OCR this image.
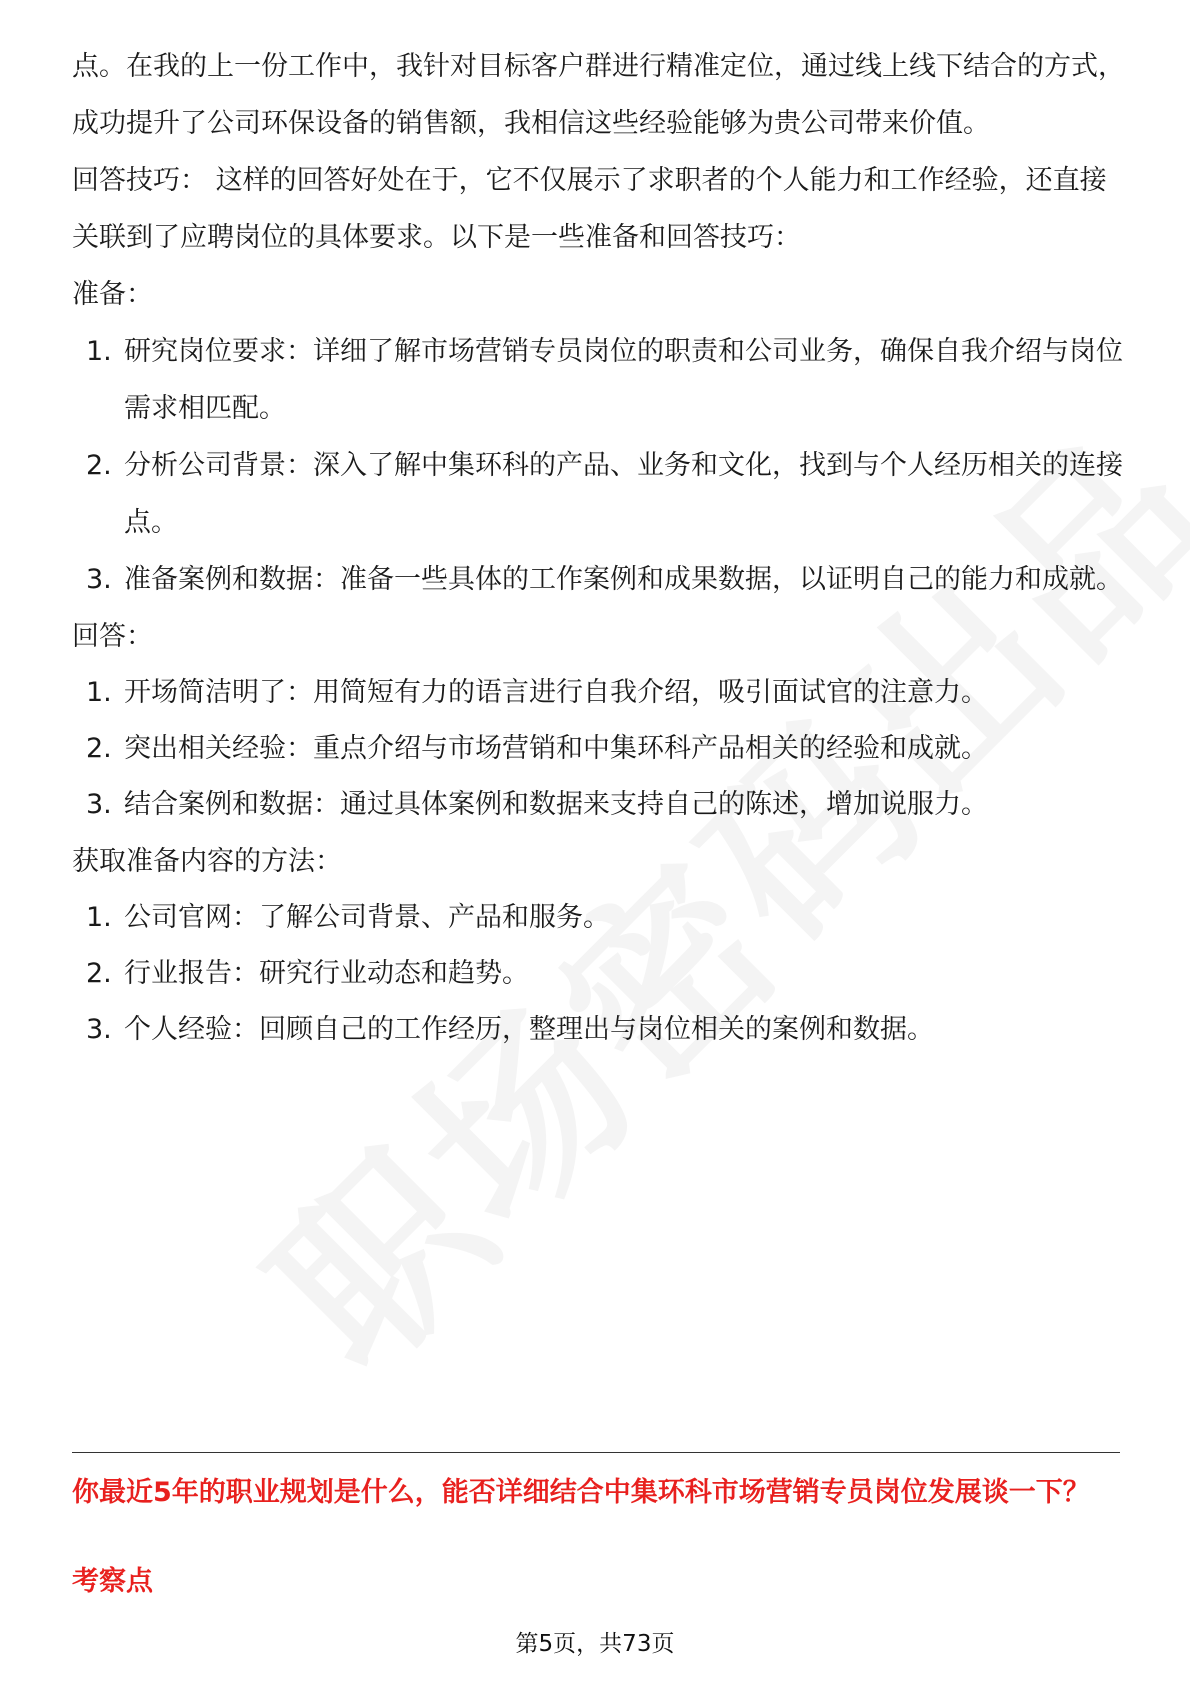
点。在我的上一份工作中，我针对目标客户群进行精准定位，通过线上线下结合的方式，成功提升了公司环保设备的销售额，我相信这些经验能够为贵公司带来价值。

回答技巧： 这样的回答好处在于，它不仅展示了求职者的个人能力和工作经验，还直接关联到了应聘岗位的具体要求。以下是一些准备和回答技巧：

准备：

1. 研究岗位要求：详细了解市场营销专员岗位的职责和公司业务，确保自我介绍与岗位需求相匹配。
2. 分析公司背景：深入了解中集环科的产品、业务和文化，找到与个人经历相关的连接点。
3. 准备案例和数据：准备一些具体的工作案例和成果数据，以证明自己的能力和成就。

回答：

1. 开场简洁明了：用简短有力的语言进行自我介绍，吸引面试官的注意力。
2. 突出相关经验：重点介绍与市场营销和中集环科产品相关的经验和成就。
3. 结合案例和数据：通过具体案例和数据来支持自己的陈述，增加说服力。

获取准备内容的方法：

1. 公司官网：了解公司背景、产品和服务。
2. 行业报告：研究行业动态和趋势。
3. 个人经验：回顾自己的工作经历，整理出与岗位相关的案例和数据。

你最近5年的职业规划是什么，能否详细结合中集环科市场营销专员岗位发展谈一下？

考察点

第5页，共73页
